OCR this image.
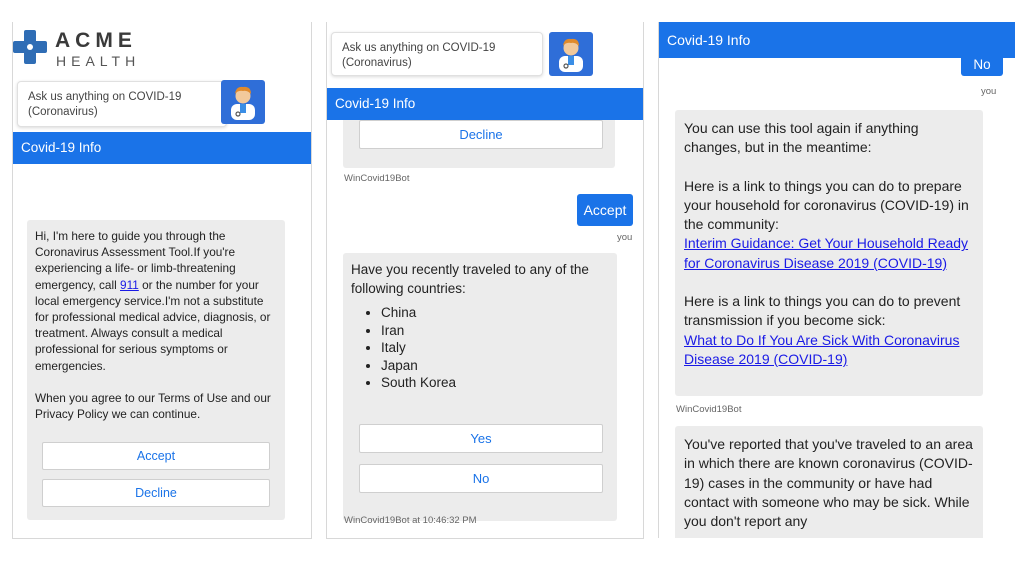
ACME
HEALTH
Ask us anything on COVID-19 (Coronavirus)
Covid-19 Info

Hi, I'm here to guide you through the Coronavirus Assessment Tool.If you're experiencing a life- or limb-threatening emergency, call 911 or the number for your local emergency service.I'm not a substitute for professional medical advice, diagnosis, or treatment. Always consult a medical professional for serious symptoms or emergencies.

When you agree to our Terms of Use and our Privacy Policy we can continue.

Accept
Decline
Ask us anything on COVID-19 (Coronavirus)
Covid-19 Info
Decline
WinCovid19Bot
Accept
you

Have you recently traveled to any of the following countries:

• China
• Iran
• Italy
• Japan
• South Korea
Yes
No
WinCovid19Bot at 10:46:32 PM
Covid-19 Info
No
you

You can use this tool again if anything changes, but in the meantime:

Here is a link to things you can do to prepare your household for coronavirus (COVID-19) in the community:
Interim Guidance: Get Your Household Ready for Coronavirus Disease 2019 (COVID-19)

Here is a link to things you can do to prevent transmission if you become sick:
What to Do If You Are Sick With Coronavirus Disease 2019 (COVID-19)

WinCovid19Bot

You've reported that you've traveled to an area in which there are known coronavirus (COVID-19) cases in the community or have had contact with someone who may be sick. While you don't report any
